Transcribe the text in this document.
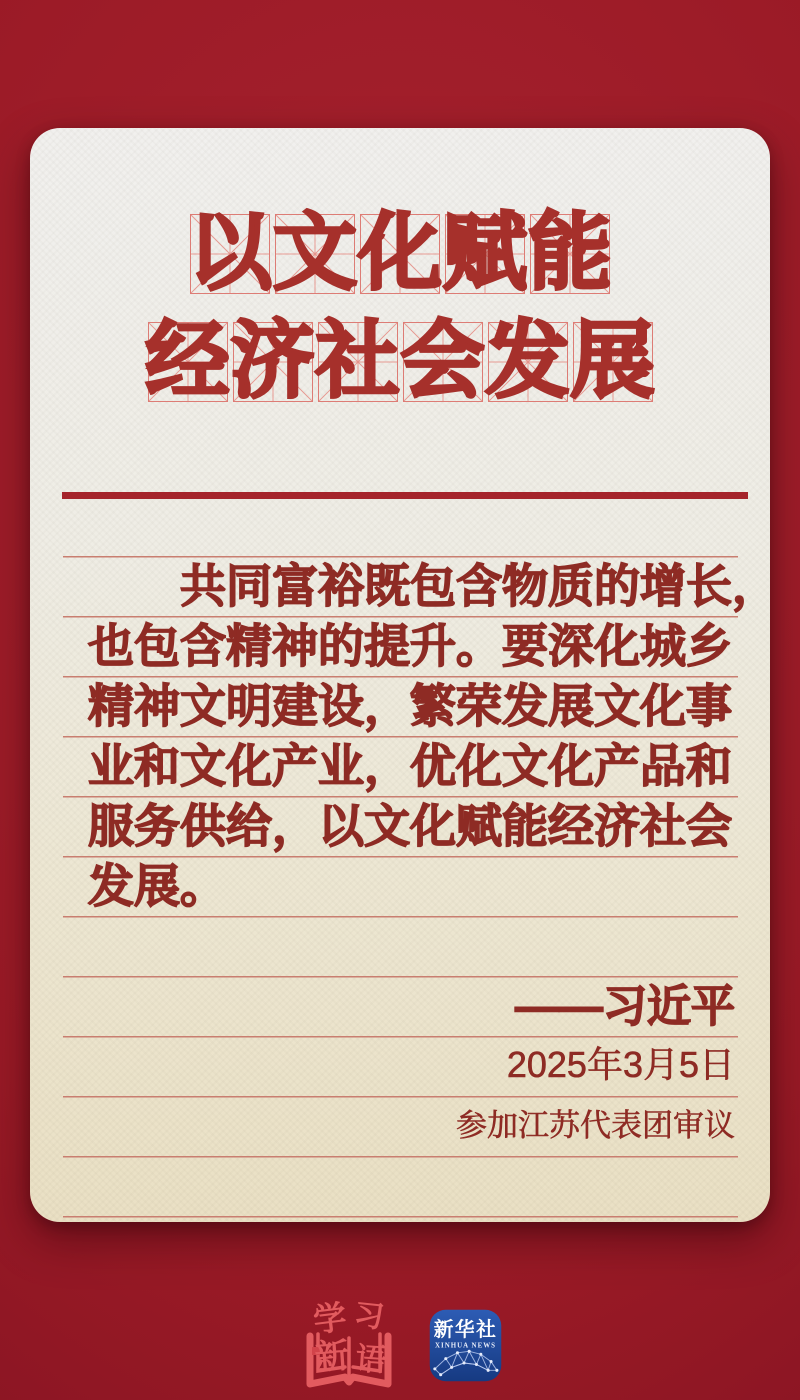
以 文 化 赋 能
经 济 社 会 发 展
共同富裕既包含物质的增长，
也包含精神的提升。要深化城乡
精神文明建设，繁荣发展文化事
业和文化产业，优化文化产品和
服务供给，以文化赋能经济社会
发展。
——习近平
2025年3月5日
参加江苏代表团审议
学 习
新 语
新华社
XINHUA NEWS
